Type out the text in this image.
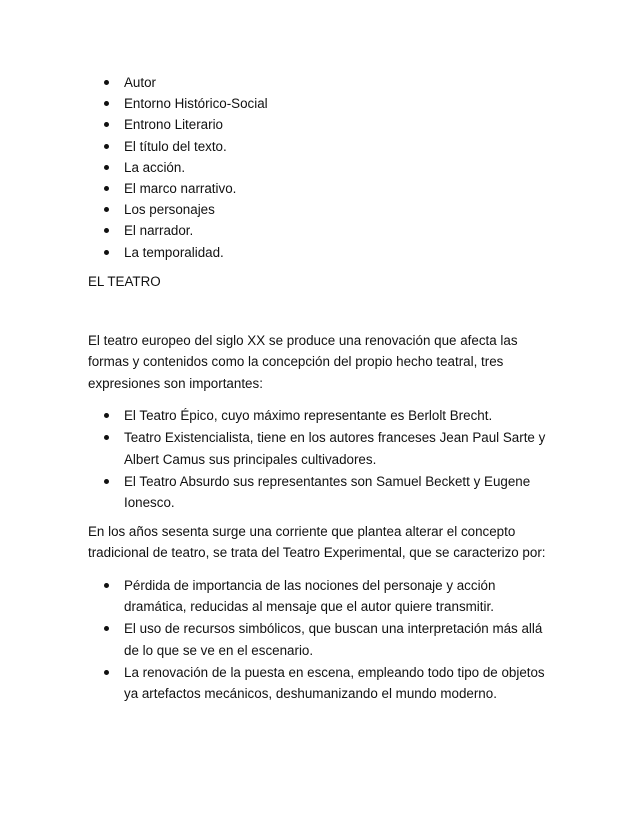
Autor
Entorno Histórico-Social
Entrono Literario
El título del texto.
La acción.
El marco narrativo.
Los personajes
El narrador.
La temporalidad.
EL TEATRO

El teatro europeo del siglo XX se produce una renovación que afecta las formas y contenidos como la concepción del propio hecho teatral, tres expresiones son importantes:

El Teatro Épico, cuyo máximo representante es Berlolt Brecht.
Teatro Existencialista, tiene en los autores franceses Jean Paul Sarte y Albert Camus sus principales cultivadores.
El Teatro Absurdo sus representantes son Samuel Beckett y Eugene Ionesco.

En los años sesenta surge una corriente que plantea alterar el concepto tradicional de teatro, se trata del Teatro Experimental, que se caracterizo por:

Pérdida de importancia de las nociones del personaje y acción dramática, reducidas al mensaje que el autor quiere transmitir.
El uso de recursos simbólicos, que buscan una interpretación más allá de lo que se ve en el escenario.
La renovación de la puesta en escena, empleando todo tipo de objetos ya artefactos mecánicos, deshumanizando el mundo moderno.
